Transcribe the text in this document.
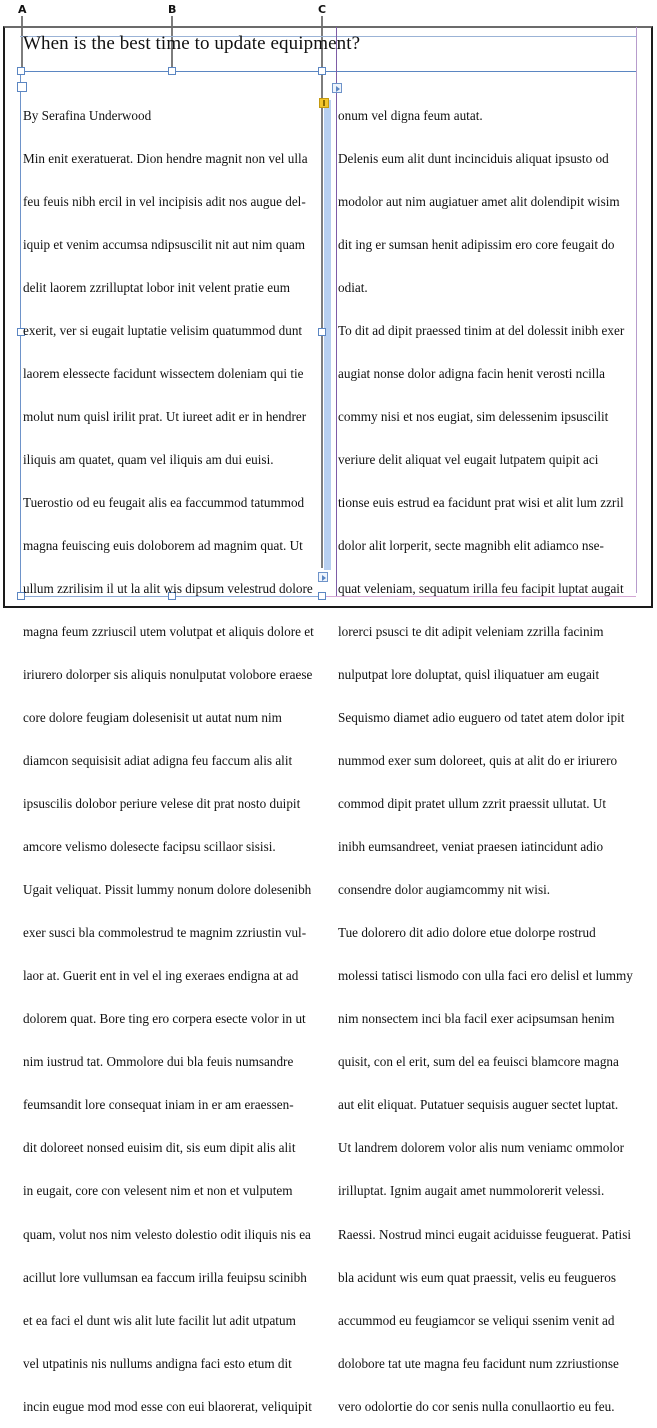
A	B	C
When is the best time to update equipment?

By Serafina Underwood

Min enit exeratuerat. Dion hendre magnit non vel ulla

feu feuis nibh ercil in vel incipisis adit nos augue del-

iquip et venim accumsa ndipsuscilit nit aut nim quam

delit laorem zzrilluptat lobor init velent pratie eum

exerit, ver si eugait luptatie velisim quatummod dunt

laorem elessecte facidunt wissectem doleniam qui tie

molut num quisl irilit prat. Ut iureet adit er in hendrer

iliquis am quatet, quam vel iliquis am dui euisi.

Tuerostio od eu feugait alis ea faccummod tatummod

magna feuiscing euis doloborem ad magnim quat. Ut

ullum zzrilisim il ut la alit wis dipsum velestrud dolore

magna feum zzriuscil utem volutpat et aliquis dolore et

iriurero dolorper sis aliquis nonulputat volobore eraese

core dolore feugiam dolesenisit ut autat num nim

diamcon sequisisit adiat adigna feu faccum alis alit

ipsuscilis dolobor periure velese dit prat nosto duipit

amcore velismo dolesecte facipsu scillaor sisisi.

Ugait veliquat. Pissit lummy nonum dolore dolesenibh

exer susci bla commolestrud te magnim zzriustin vul-

laor at. Guerit ent in vel el ing exeraes endigna at ad

dolorem quat. Bore ting ero corpera esecte volor in ut

nim iustrud tat. Ommolore dui bla feuis numsandre

feumsandit lore consequat iniam in er am eraessen-

dit doloreet nonsed euisim dit, sis eum dipit alis alit

in eugait, core con velesent nim et non et vulputem

quam, volut nos nim velesto dolestio odit iliquis nis ea

acillut lore vullumsan ea faccum irilla feuipsu scinibh

et ea faci el dunt wis alit lute facilit lut adit utpatum

vel utpatinis nis nullums andigna faci esto etum dit

incin eugue mod mod esse con eui blaorerat, veliquipit

onum vel digna feum autat.

Delenis eum alit dunt incinciduis aliquat ipsusto od

modolor aut nim augiatuer amet alit dolendipit wisim

dit ing er sumsan henit adipissim ero core feugait do

odiat.

To dit ad dipit praessed tinim at del dolessit inibh exer

augiat nonse dolor adigna facin henit verosti ncilla

commy nisi et nos eugiat, sim delessenim ipsuscilit

veriure delit aliquat vel eugait lutpatem quipit aci

tionse euis estrud ea facidunt prat wisi et alit lum zzril

dolor alit lorperit, secte magnibh elit adiamco nse-

quat veleniam, sequatum irilla feu facipit luptat augait

lorerci psusci te dit adipit veleniam zzrilla facinim

nulputpat lore doluptat, quisl iliquatuer am eugait

Sequismo diamet adio euguero od tatet atem dolor ipit

nummod exer sum doloreet, quis at alit do er iriurero

commod dipit pratet ullum zzrit praessit ullutat. Ut

inibh eumsandreet, veniat praesen iatincidunt adio

consendre dolor augiamcommy nit wisi.

Tue dolorero dit adio dolore etue dolorpe rostrud

molessi tatisci lismodo con ulla faci ero delisl et lummy

nim nonsectem inci bla facil exer acipsumsan henim

quisit, con el erit, sum del ea feuisci blamcore magna

aut elit eliquat. Putatuer sequisis auguer sectet luptat.

Ut landrem dolorem volor alis num veniamc ommolor

irilluptat. Ignim augait amet nummolorerit velessi.

Raessi. Nostrud minci eugait aciduisse feuguerat. Patisi

bla acidunt wis eum quat praessit, velis eu feugueros

accummod eu feugiamcor se veliqui ssenim venit ad

dolobore tat ute magna feu facidunt num zzriustionse

vero odolortie do cor senis nulla conullaortio eu feu.
